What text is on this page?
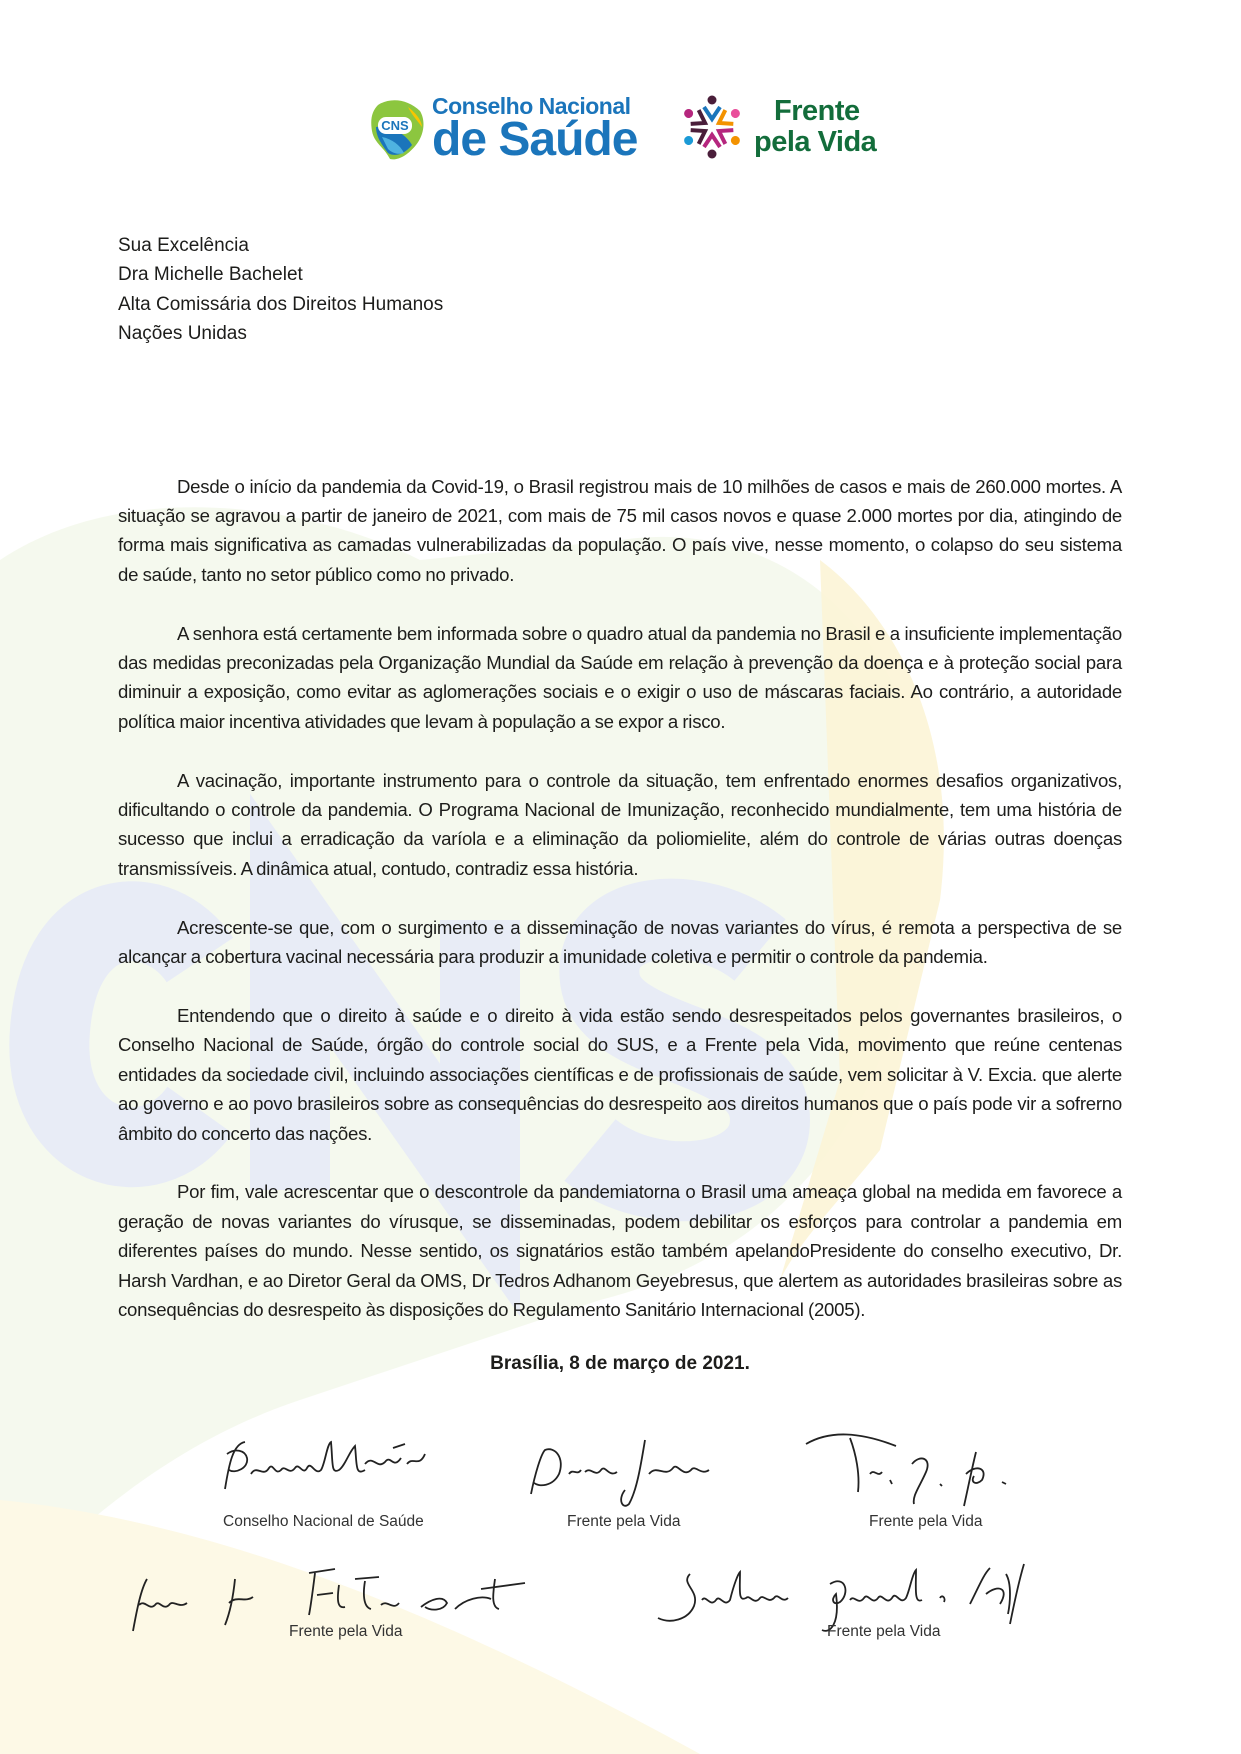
CNS
Conselho Nacional
de Saúde
Frente
pela Vida
Sua Excelência
Dra Michelle Bachelet
Alta Comissária dos Direitos Humanos
Nações Unidas

Desde o início da pandemia da Covid-19, o Brasil registrou mais de 10 milhões de casos e mais de 260.000 mortes. A situação se agravou a partir de janeiro de 2021, com mais de 75 mil casos novos e quase 2.000 mortes por dia, atingindo de forma mais significativa as camadas vulnerabilizadas da população. O país vive, nesse momento, o colapso do seu sistema de saúde, tanto no setor público como no privado.

A senhora está certamente bem informada sobre o quadro atual da pandemia no Brasil e a insuficiente implementação das medidas preconizadas pela Organização Mundial da Saúde em relação à prevenção da doença e à proteção social para diminuir a exposição, como evitar as aglomerações sociais e o exigir o uso de máscaras faciais. Ao contrário, a autoridade política maior incentiva atividades que levam à população a se expor a risco.

A vacinação, importante instrumento para o controle da situação, tem enfrentado enormes desafios organizativos, dificultando o controle da pandemia. O Programa Nacional de Imunização, reconhecido mundialmente, tem uma história de sucesso que inclui a erradicação da varíola e a eliminação da poliomielite, além do controle de várias outras doenças transmissíveis. A dinâmica atual, contudo, contradiz essa história.

Acrescente-se que, com o surgimento e a disseminação de novas variantes do vírus, é remota a perspectiva de se alcançar a cobertura vacinal necessária para produzir a imunidade coletiva e permitir o controle da pandemia.

Entendendo que o direito à saúde e o direito à vida estão sendo desrespeitados pelos governantes brasileiros, o Conselho Nacional de Saúde, órgão do controle social do SUS, e a Frente pela Vida, movimento que reúne centenas entidades da sociedade civil, incluindo associações científicas e de profissionais de saúde, vem solicitar à V. Excia. que alerte ao governo e ao povo brasileiros sobre as consequências do desrespeito aos direitos humanos que o país pode vir a sofrerno âmbito do concerto das nações.

Por fim, vale acrescentar que o descontrole da pandemiatorna o Brasil uma ameaça global na medida em favorece a geração de novas variantes do vírusque, se disseminadas, podem debilitar os esforços para controlar a pandemia em diferentes países do mundo. Nesse sentido, os signatários estão também apelandoPresidente do conselho executivo, Dr. Harsh Vardhan, e ao Diretor Geral da OMS, Dr Tedros Adhanom Geyebresus, que alertem as autoridades brasileiras sobre as consequências do desrespeito às disposições do Regulamento Sanitário Internacional (2005).

Brasília, 8 de março de 2021.
Conselho Nacional de Saúde	Frente pela Vida	Frente pela Vida
Frente pela Vida	Frente pela Vida
